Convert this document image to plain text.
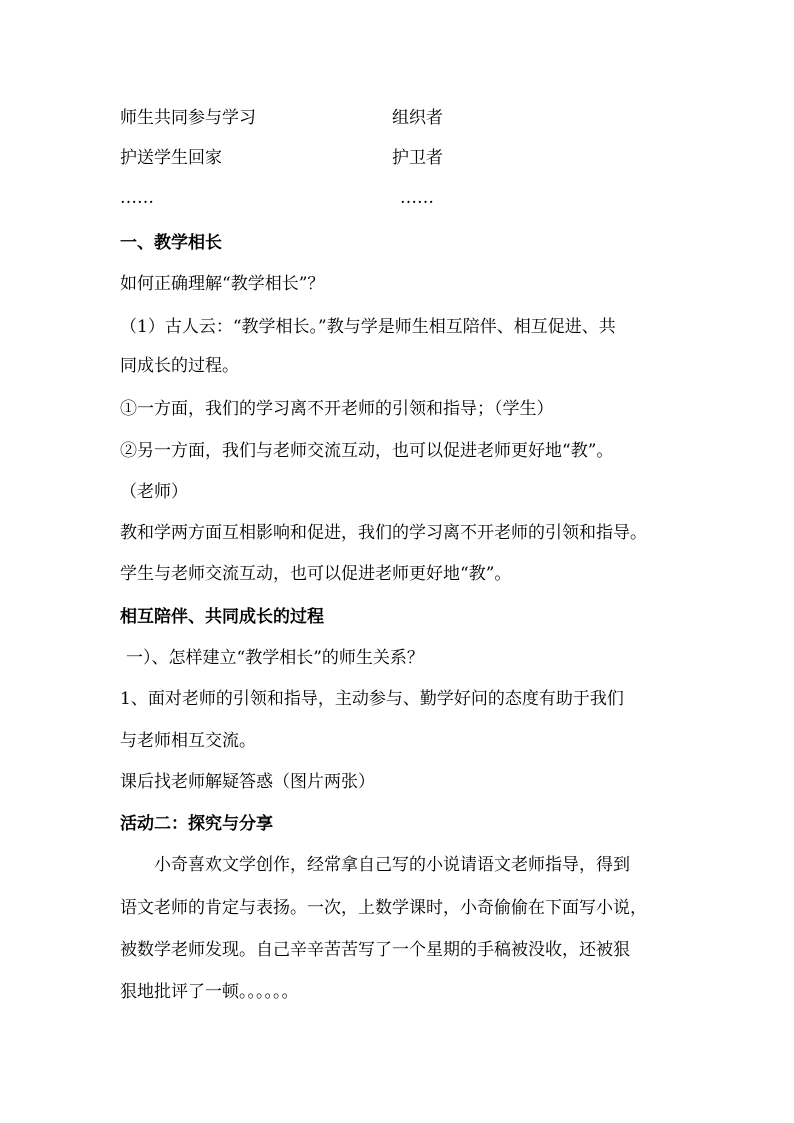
师生共同参与学习	组织者
护送学生回家	护卫者
……	……
一、教学相长
如何正确理解“教学相长”？
（1）古人云：“教学相长。”教与学是师生相互陪伴、相互促进、共
同成长的过程。
①一方面，我们的学习离不开老师的引领和指导；（学生）
②另一方面，我们与老师交流互动，也可以促进老师更好地“教”。
（老师）
教和学两方面互相影响和促进，我们的学习离不开老师的引领和指导。
学生与老师交流互动，也可以促进老师更好地“教”。
相互陪伴、共同成长的过程
一）、怎样建立“教学相长”的师生关系？
1、面对老师的引领和指导，主动参与、勤学好问的态度有助于我们
与老师相互交流。
课后找老师解疑答惑（图片两张）
活动二：探究与分享
小奇喜欢文学创作，经常拿自己写的小说请语文老师指导，得到
语文老师的肯定与表扬。一次，上数学课时，小奇偷偷在下面写小说，
被数学老师发现。自己辛辛苦苦写了一个星期的手稿被没收，还被狠
狠地批评了一顿。。。。。。
